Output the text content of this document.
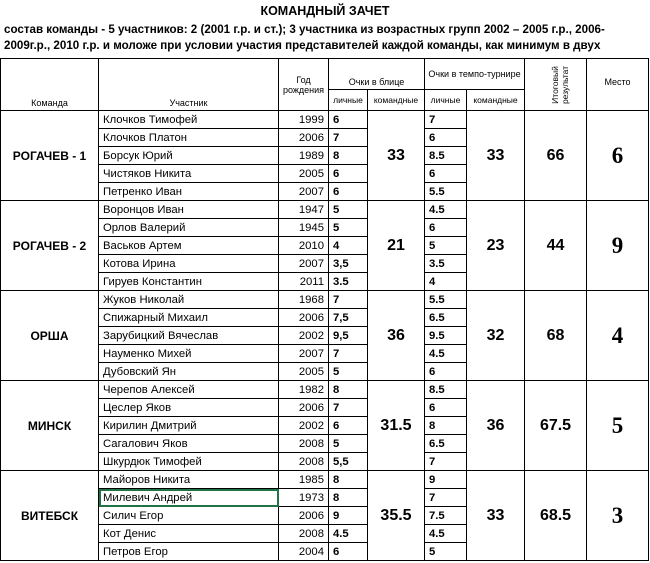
КОМАНДНЫЙ ЗАЧЕТ
состав команды - 5 участников: 2 (2001 г.р. и ст.); 3 участника из возрастных групп 2002 – 2005 г.р., 2006-2009г.р., 2010 г.р. и моложе при условии участия представителей каждой команды, как минимум в двух
Команда	Участник	Год рождения	Очки в блице		Очки в темпо-турнире		Итоговый результат	Место
			личные	командные	личные	командные		
РОГАЧЕВ - 1	Клочков Тимофей	1999	6	33	7	33	66	6
	Клочков Платон	2006	7		6			
	Борсук Юрий	1989	8		8.5			
	Чистяков Никита	2005	6		6			
	Петренко Иван	2007	6		5.5			
РОГАЧЕВ - 2	Воронцов Иван	1947	5	21	4.5	23	44	9
	Орлов Валерий	1945	5		6			
	Васьков Артем	2010	4		5			
	Котова Ирина	2007	3,5		3.5			
	Гируев Константин	2011	3.5		4			
ОРША	Жуков Николай	1968	7	36	5.5	32	68	4
	Спижарный Михаил	2006	7,5		6.5			
	Зарубицкий Вячеслав	2002	9,5		9.5			
	Науменко Михей	2007	7		4.5			
	Дубовский Ян	2005	5		6			
МИНСК	Черепов Алексей	1982	8	31.5	8.5	36	67.5	5
	Цеслер Яков	2006	7		6			
	Кирилин Дмитрий	2002	6		8			
	Сагалович Яков	2008	5		6.5			
	Шкурдюк Тимофей	2008	5,5		7			
ВИТЕБСК	Майоров Никита	1985	8	35.5	9	33	68.5	3
	Милевич Андрей	1973	8		7			
	Силич Егор	2006	9		7.5			
	Кот Денис	2008	4.5		4.5			
	Петров Егор	2004	6		5			
